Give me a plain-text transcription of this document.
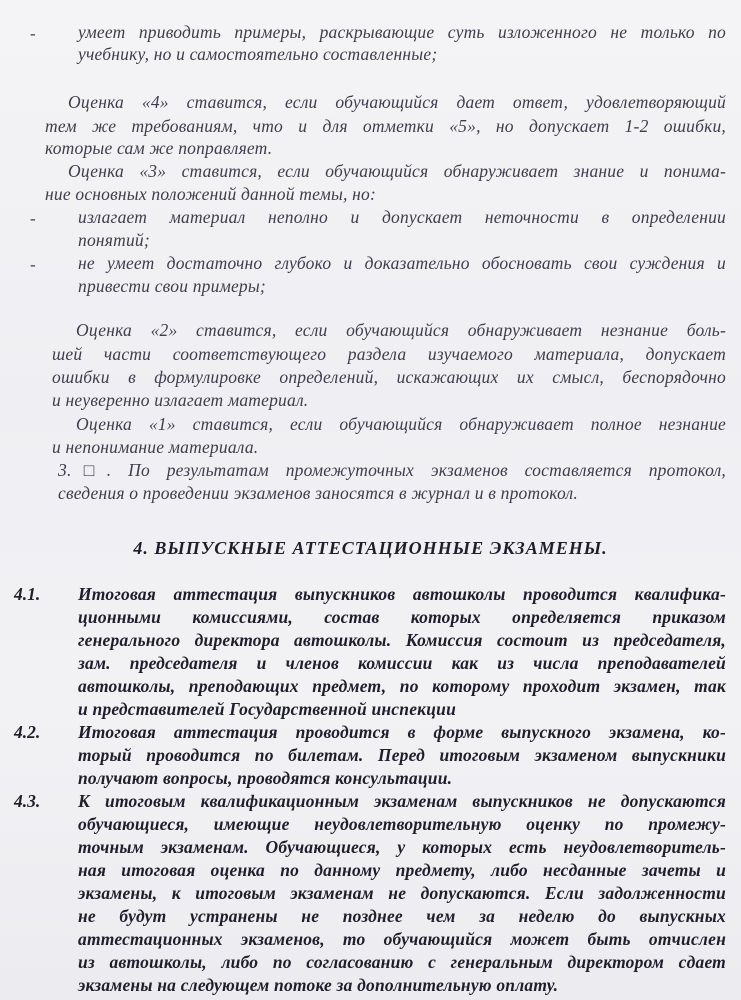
- умеет приводить примеры, раскрывающие суть изложенного не только по
учебнику, но и самостоятельно составленные;
Оценка «4» ставится, если обучающийся дает ответ, удовлетворяющий
тем же требованиям, что и для отметки «5», но допускает 1-2 ошибки,
которые сам же поправляет.
Оценка «3» ставится, если обучающийся обнаруживает знание и понима-
ние основных положений данной темы, но:
- излагает материал неполно и допускает неточности в определении
понятий;
- не умеет достаточно глубоко и доказательно обосновать свои суждения и
привести свои примеры;
Оценка «2» ставится, если обучающийся обнаруживает незнание боль-
шей части соответствующего раздела изучаемого материала, допускает
ошибки в формулировке определений, искажающих их смысл, беспорядочно
и неуверенно излагает материал.
Оценка «1» ставится, если обучающийся обнаруживает полное незнание
и непонимание материала.
3.□. По результатам промежуточных экзаменов составляется протокол,
сведения о проведении экзаменов заносятся в журнал и в протокол.
4. ВЫПУСКНЫЕ АТТЕСТАЦИОННЫЕ ЭКЗАМЕНЫ.
4.1. Итоговая аттестация выпускников автошколы проводится квалифика-
ционными комиссиями, состав которых определяется приказом
генерального директора автошколы. Комиссия состоит из председателя,
зам. председателя и членов комиссии как из числа преподавателей
автошколы, преподающих предмет, по которому проходит экзамен, так
и представителей Государственной инспекции
4.2. Итоговая аттестация проводится в форме выпускного экзамена, ко-
торый проводится по билетам. Перед итоговым экзаменом выпускники
получают вопросы, проводятся консультации.
4.3. К итоговым квалификационным экзаменам выпускников не допускаются
обучающиеся, имеющие неудовлетворительную оценку по промежу-
точным экзаменам. Обучающиеся, у которых есть неудовлетворитель-
ная итоговая оценка по данному предмету, либо несданные зачеты и
экзамены, к итоговым экзаменам не допускаются. Если задолженности
не будут устранены не позднее чем за неделю до выпускных
аттестационных экзаменов, то обучающийся может быть отчислен
из автошколы, либо по согласованию с генеральным директором сдает
экзамены на следующем потоке за дополнительную оплату.
